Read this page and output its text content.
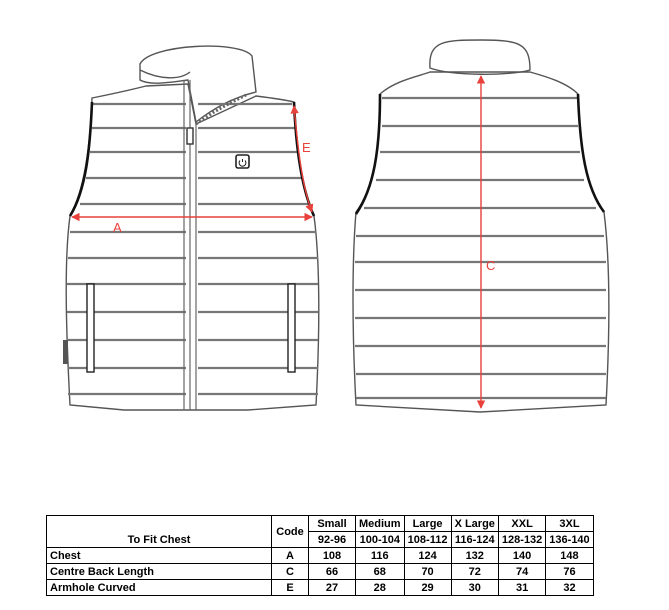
A
E
C
To Fit Chest	Code	Small	Medium	Large	X Large	XXL	3XL
		92-96	100-104	108-112	116-124	128-132	136-140
Chest	A	108	116	124	132	140	148
Centre Back Length	C	66	68	70	72	74	76
Armhole Curved	E	27	28	29	30	31	32
